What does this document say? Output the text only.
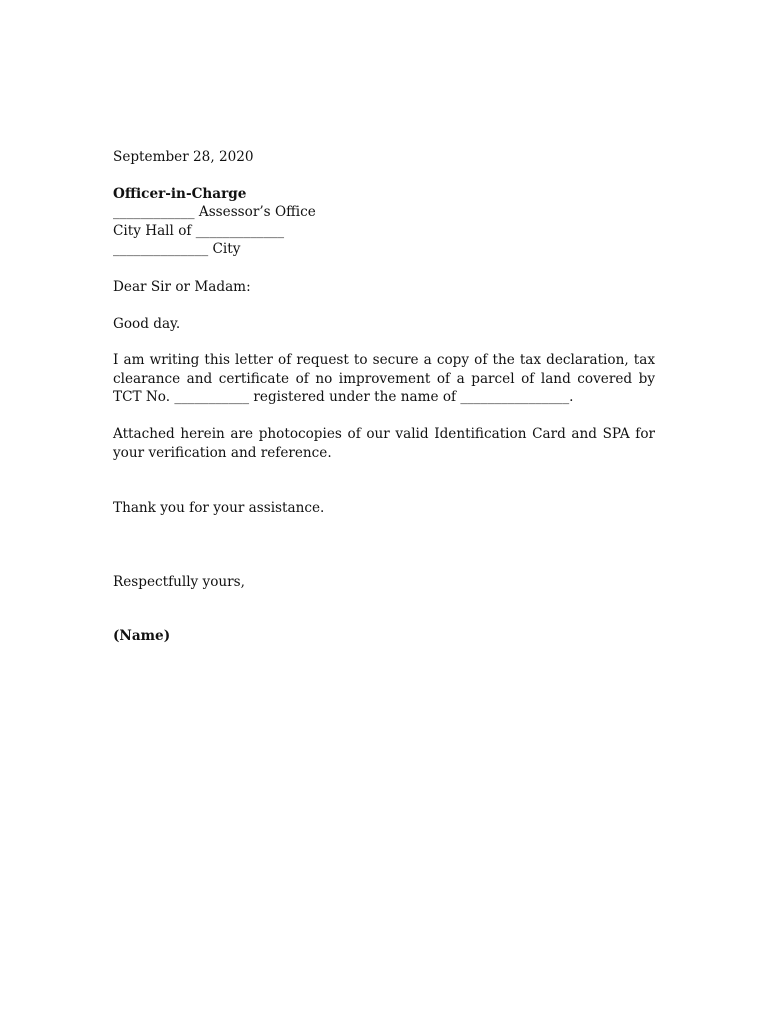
September 28, 2020

Officer-in-Charge

____________ Assessor’s Office

City Hall of _____________

______________ City

Dear Sir or Madam:

Good day.

I am writing this letter of request to secure a copy of the tax declaration, tax clearance and certificate of no improvement of a parcel of land covered by TCT No. ___________ registered under the name of ________________.

Attached herein are photocopies of our valid Identification Card and SPA for your verification and reference.

Thank you for your assistance.

Respectfully yours,

(Name)
